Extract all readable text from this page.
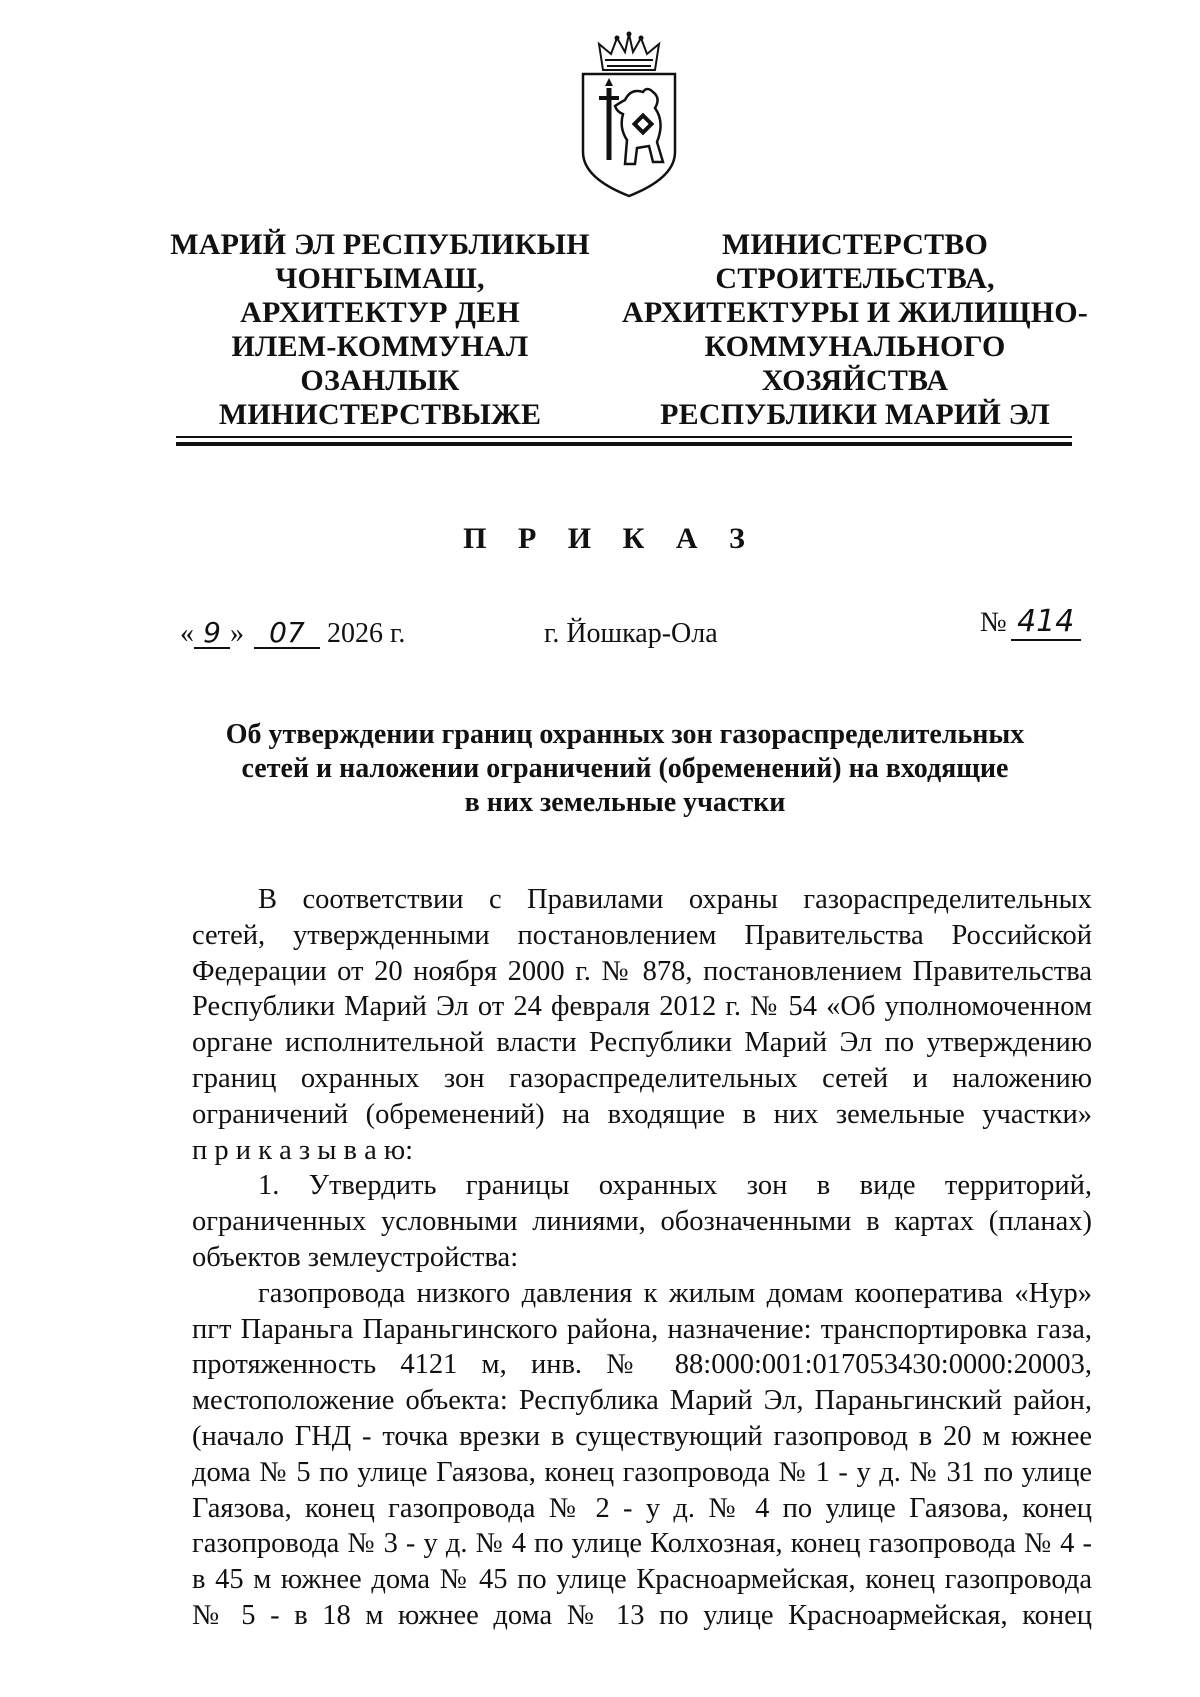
МАРИЙ ЭЛ РЕСПУБЛИКЫН
ЧОНГЫМАШ,
АРХИТЕКТУР ДЕН
ИЛЕМ-КОММУНАЛ
ОЗАНЛЫК
МИНИСТЕРСТВЫЖЕ
МИНИСТЕРСТВО
СТРОИТЕЛЬСТВА,
АРХИТЕКТУРЫ И ЖИЛИЩНО-
КОММУНАЛЬНОГО
ХОЗЯЙСТВА
РЕСПУБЛИКИ МАРИЙ ЭЛ
П Р И К А З
« 9 » 07 2026 г.	г. Йошкар-Ола	№ 414
Об утверждении границ охранных зон газораспределительных
сетей и наложении ограничений (обременений) на входящие
в них земельные участки
В соответствии с Правилами охраны газораспределительных
сетей, утвержденными постановлением Правительства Российской
Федерации от 20 ноября 2000 г. № 878, постановлением Правительства
Республики Марий Эл от 24 февраля 2012 г. № 54 «Об уполномоченном
органе исполнительной власти Республики Марий Эл по утверждению
границ охранных зон газораспределительных сетей и наложению
ограничений (обременений) на входящие в них земельные участки»
п р и к а з ы в а ю:
1. Утвердить границы охранных зон в виде территорий,
ограниченных условными линиями, обозначенными в картах (планах)
объектов землеустройства:
газопровода низкого давления к жилым домам кооператива «Нур»
пгт Параньга Параньгинского района, назначение: транспортировка газа,
протяженность 4121 м, инв. № 88:000:001:017053430:0000:20003,
местоположение объекта: Республика Марий Эл, Параньгинский район,
(начало ГНД - точка врезки в существующий газопровод в 20 м южнее
дома № 5 по улице Гаязова, конец газопровода № 1 - у д. № 31 по улице
Гаязова, конец газопровода № 2 - у д. № 4 по улице Гаязова, конец
газопровода № 3 - у д. № 4 по улице Колхозная, конец газопровода № 4 -
в 45 м южнее дома № 45 по улице Красноармейская, конец газопровода
№ 5 - в 18 м южнее дома № 13 по улице Красноармейская, конец
